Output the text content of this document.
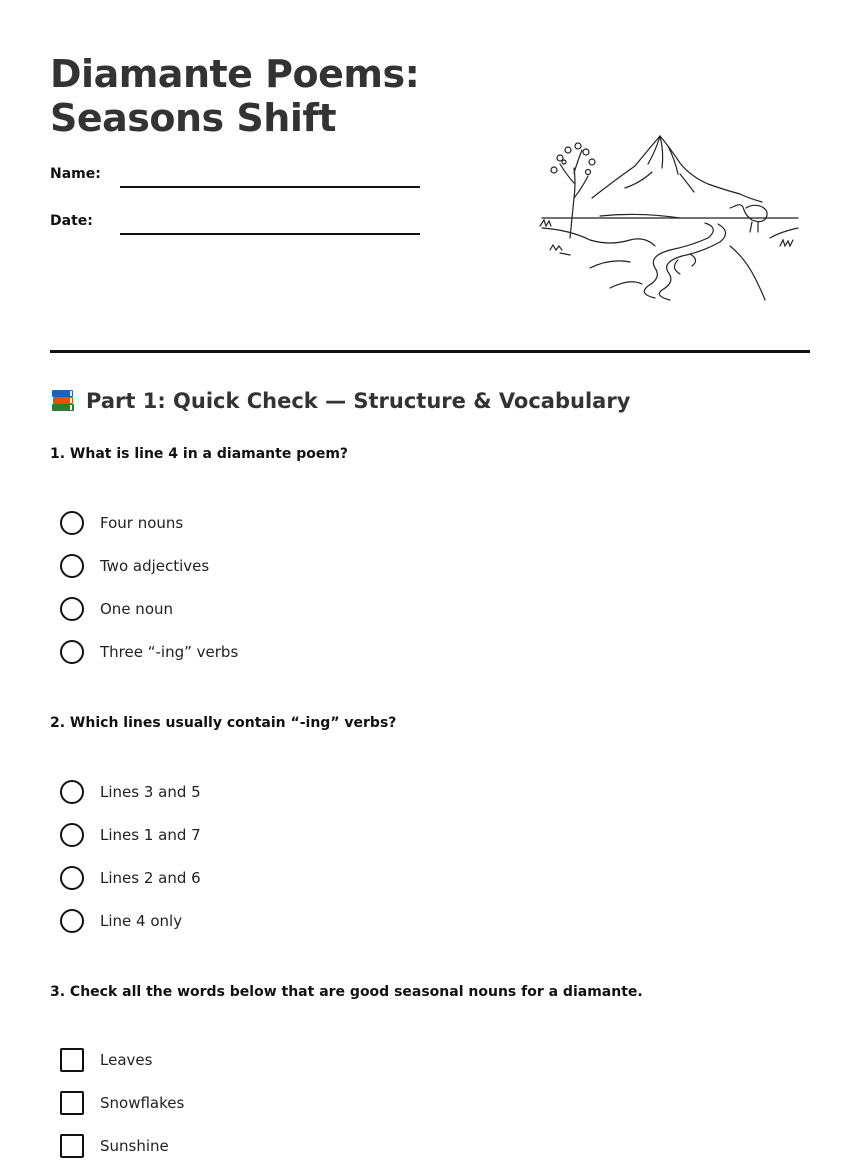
Diamante Poems:
Seasons Shift
Name:
Date:
Part 1: Quick Check — Structure & Vocabulary
1. What is line 4 in a diamante poem?
Four nouns
Two adjectives
One noun
Three “-ing” verbs
2. Which lines usually contain “-ing” verbs?
Lines 3 and 5
Lines 1 and 7
Lines 2 and 6
Line 4 only
3. Check all the words below that are good seasonal nouns for a diamante.
Leaves
Snowflakes
Sunshine
